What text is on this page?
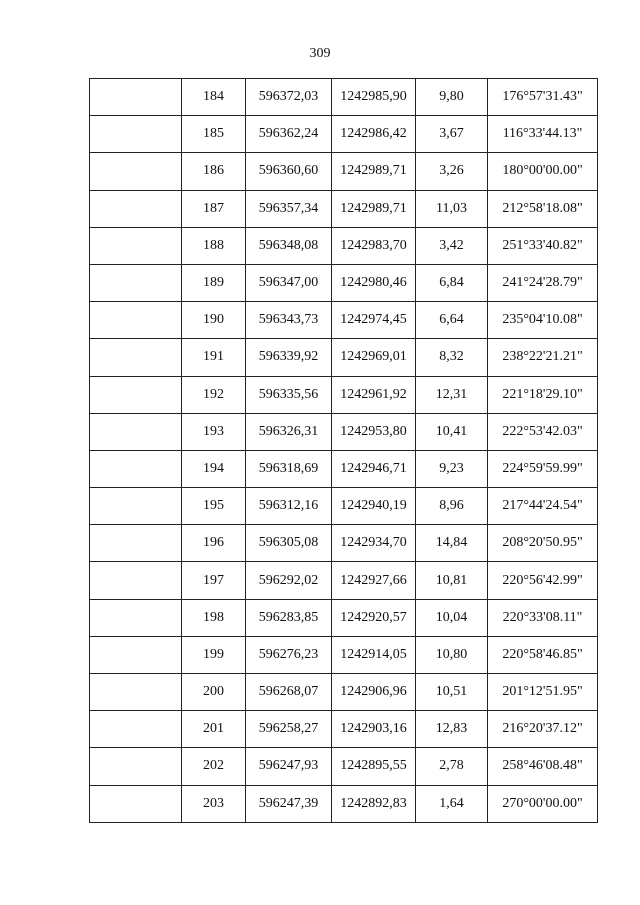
309
	184	596372,03	1242985,90	9,80	176°57'31.43"
	185	596362,24	1242986,42	3,67	116°33'44.13"
	186	596360,60	1242989,71	3,26	180°00'00.00"
	187	596357,34	1242989,71	11,03	212°58'18.08"
	188	596348,08	1242983,70	3,42	251°33'40.82"
	189	596347,00	1242980,46	6,84	241°24'28.79"
	190	596343,73	1242974,45	6,64	235°04'10.08"
	191	596339,92	1242969,01	8,32	238°22'21.21"
	192	596335,56	1242961,92	12,31	221°18'29.10"
	193	596326,31	1242953,80	10,41	222°53'42.03"
	194	596318,69	1242946,71	9,23	224°59'59.99"
	195	596312,16	1242940,19	8,96	217°44'24.54"
	196	596305,08	1242934,70	14,84	208°20'50.95"
	197	596292,02	1242927,66	10,81	220°56'42.99"
	198	596283,85	1242920,57	10,04	220°33'08.11"
	199	596276,23	1242914,05	10,80	220°58'46.85"
	200	596268,07	1242906,96	10,51	201°12'51.95"
	201	596258,27	1242903,16	12,83	216°20'37.12"
	202	596247,93	1242895,55	2,78	258°46'08.48"
	203	596247,39	1242892,83	1,64	270°00'00.00"
